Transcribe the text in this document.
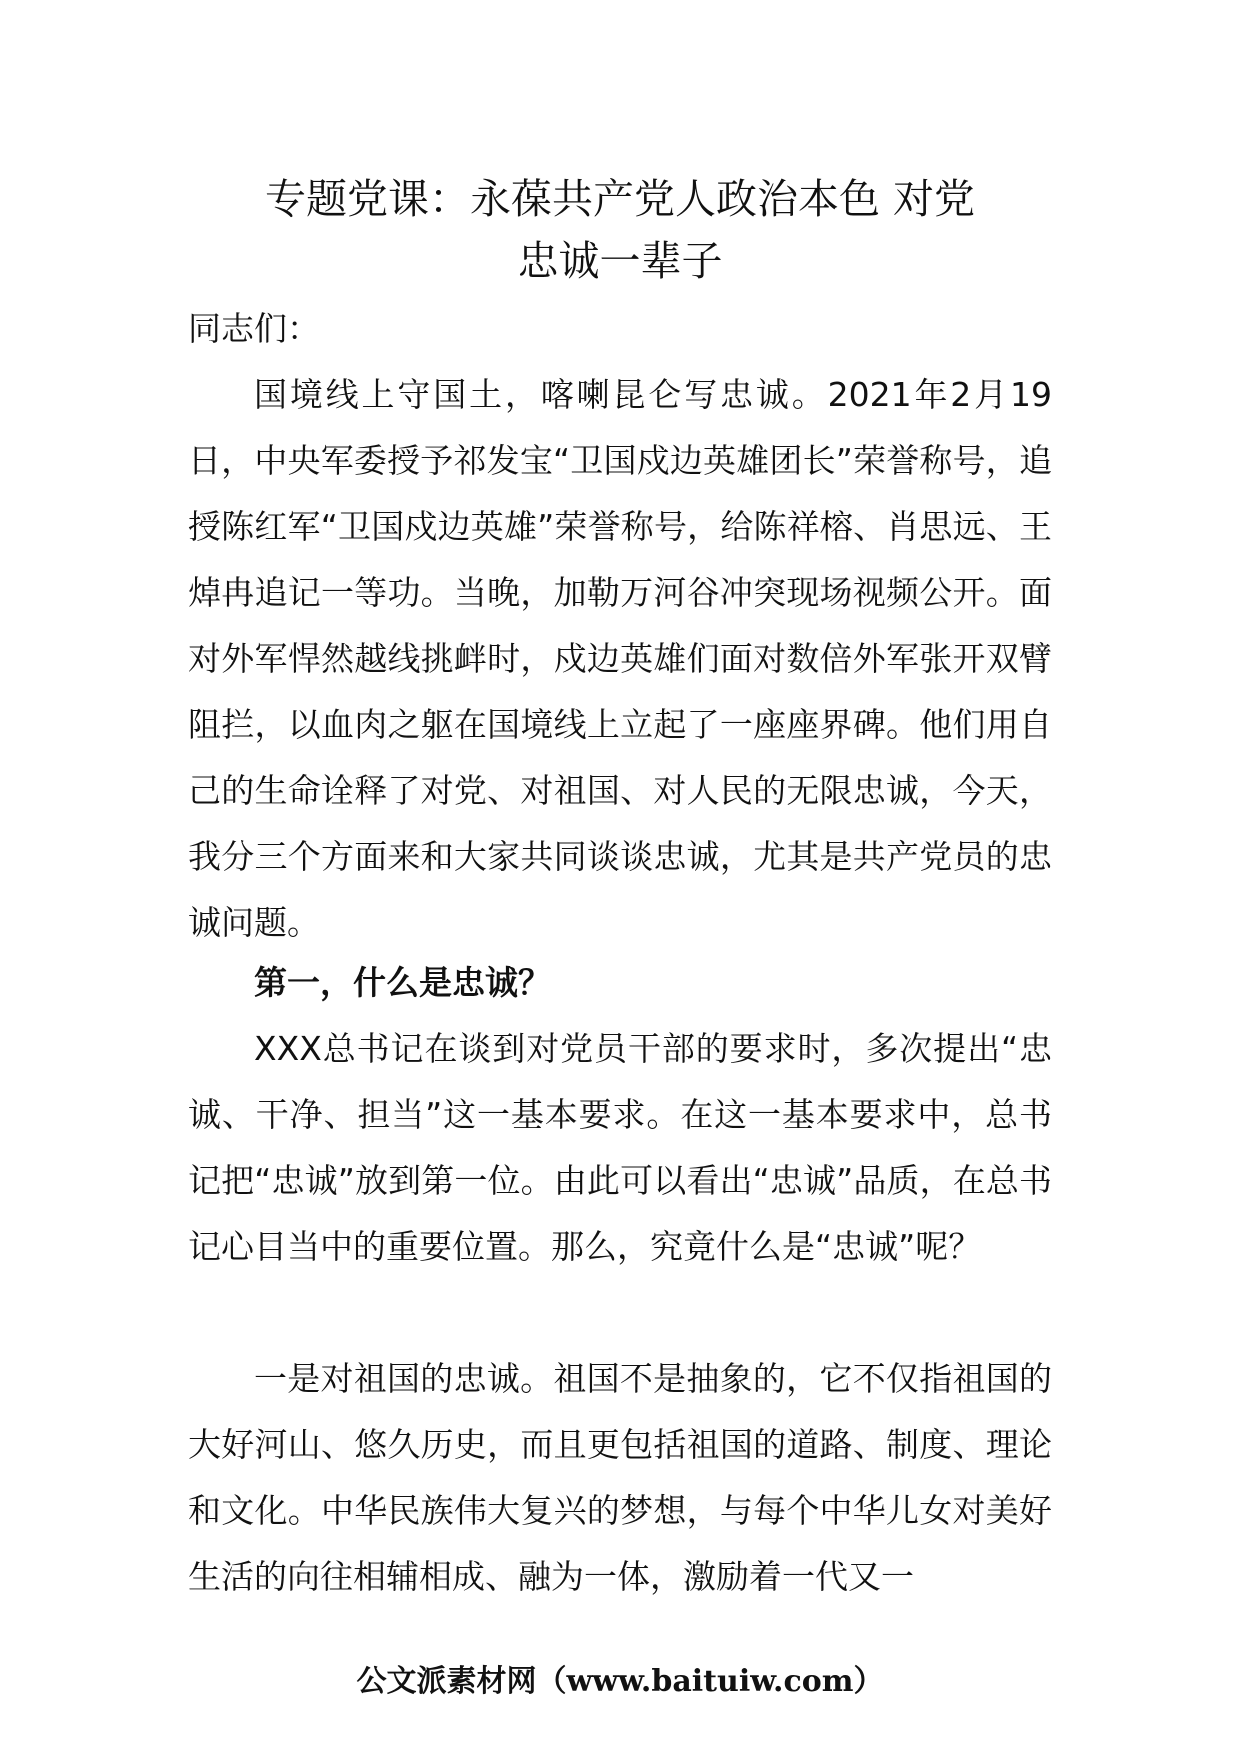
专题党课：永葆共产党人政治本色 对党
忠诚一辈子

同志们：

国境线上守国土，喀喇昆仑写忠诚。2021年2月19日，中央军委授予祁发宝“卫国戍边英雄团长”荣誉称号，追授陈红军“卫国戍边英雄”荣誉称号，给陈祥榕、肖思远、王焯冉追记一等功。当晚，加勒万河谷冲突现场视频公开。面对外军悍然越线挑衅时，戍边英雄们面对数倍外军张开双臂阻拦，以血肉之躯在国境线上立起了一座座界碑。他们用自己的生命诠释了对党、对祖国、对人民的无限忠诚，今天，我分三个方面来和大家共同谈谈忠诚，尤其是共产党员的忠诚问题。

第一，什么是忠诚？

XXX总书记在谈到对党员干部的要求时，多次提出“忠诚、干净、担当”这一基本要求。在这一基本要求中，总书记把“忠诚”放到第一位。由此可以看出“忠诚”品质，在总书记心目当中的重要位置。那么，究竟什么是“忠诚”呢？

一是对祖国的忠诚。祖国不是抽象的，它不仅指祖国的大好河山、悠久历史，而且更包括祖国的道路、制度、理论和文化。中华民族伟大复兴的梦想，与每个中华儿女对美好生活的向往相辅相成、融为一体，激励着一代又一

公文派素材网（www.baituiw.com）
